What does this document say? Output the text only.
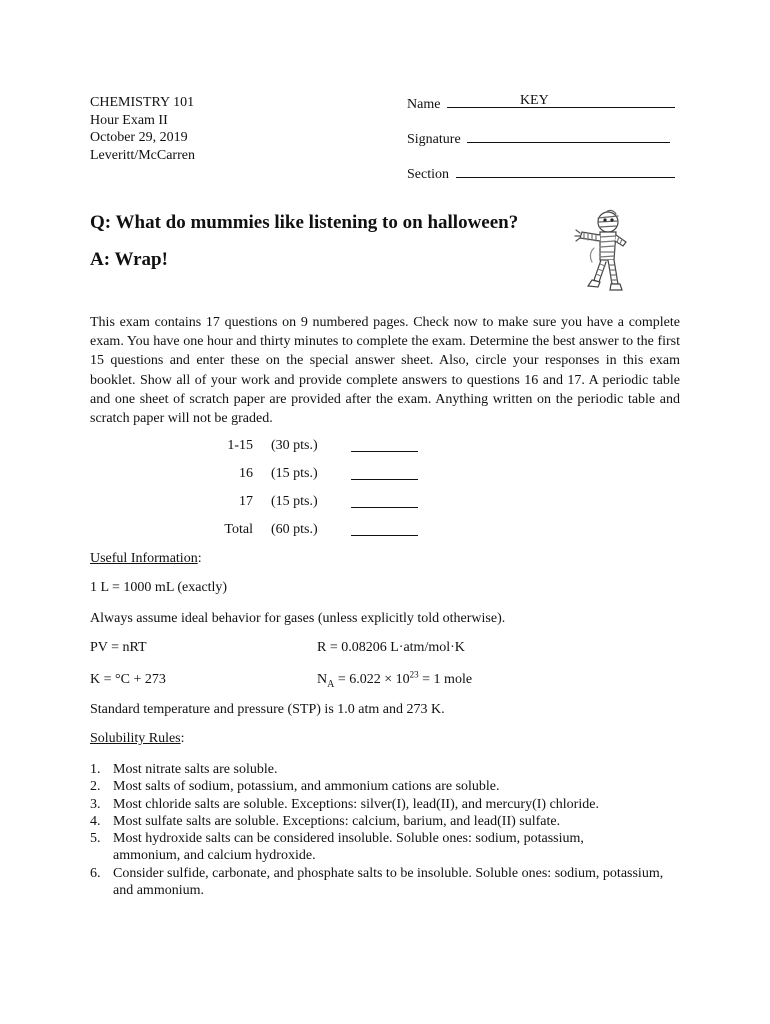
CHEMISTRY 101
Hour Exam II
October 29, 2019
Leveritt/McCarren
Name	KEY
Signature
Section
Q: What do mummies like listening to on halloween?
A: Wrap!
This exam contains 17 questions on 9 numbered pages. Check now to make sure you have a complete exam. You have one hour and thirty minutes to complete the exam. Determine the best answer to the first 15 questions and enter these on the special answer sheet. Also, circle your responses in this exam booklet. Show all of your work and provide complete answers to questions 16 and 17. A periodic table and one sheet of scratch paper are provided after the exam. Anything written on the periodic table and scratch paper will not be graded.
1-15 (30 pts.)
16 (15 pts.)
17 (15 pts.)
Total (60 pts.)
Useful Information:
1 L = 1000 mL (exactly)
Always assume ideal behavior for gases (unless explicitly told otherwise).
PV = nRT	R = 0.08206 L·atm/mol·K
K = °C + 273	$N_A = 6.022 \times 10^{23} = 1$ mole
Standard temperature and pressure (STP) is 1.0 atm and 273 K.
Solubility Rules:
1. Most nitrate salts are soluble.
2. Most salts of sodium, potassium, and ammonium cations are soluble.
3. Most chloride salts are soluble. Exceptions: silver(I), lead(II), and mercury(I) chloride.
4. Most sulfate salts are soluble. Exceptions: calcium, barium, and lead(II) sulfate.
5. Most hydroxide salts can be considered insoluble. Soluble ones: sodium, potassium, ammonium, and calcium hydroxide.
6. Consider sulfide, carbonate, and phosphate salts to be insoluble. Soluble ones: sodium, potassium, and ammonium.
